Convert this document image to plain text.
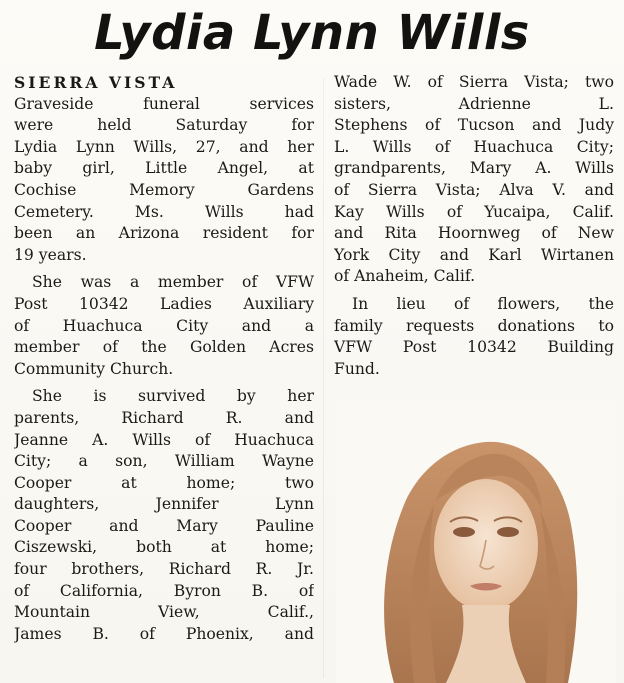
Lydia Lynn Wills
SIERRA VISTA
Graveside funeral services
were held Saturday for
Lydia Lynn Wills, 27, and her
baby girl, Little Angel, at
Cochise Memory Gardens
Cemetery. Ms. Wills had
been an Arizona resident for
19 years.
She was a member of VFW
Post 10342 Ladies Auxiliary
of Huachuca City and a
member of the Golden Acres
Community Church.
She is survived by her
parents, Richard R. and
Jeanne A. Wills of Huachuca
City; a son, William Wayne
Cooper at home; two
daughters, Jennifer Lynn
Cooper and Mary Pauline
Ciszewski, both at home;
four brothers, Richard R. Jr.
of California, Byron B. of
Mountain View, Calif.,
James B. of Phoenix, and
Wade W. of Sierra Vista; two
sisters, Adrienne L.
Stephens of Tucson and Judy
L. Wills of Huachuca City;
grandparents, Mary A. Wills
of Sierra Vista; Alva V. and
Kay Wills of Yucaipa, Calif.
and Rita Hoornweg of New
York City and Karl Wirtanen
of Anaheim, Calif.
In lieu of flowers, the
family requests donations to
VFW Post 10342 Building
Fund.
